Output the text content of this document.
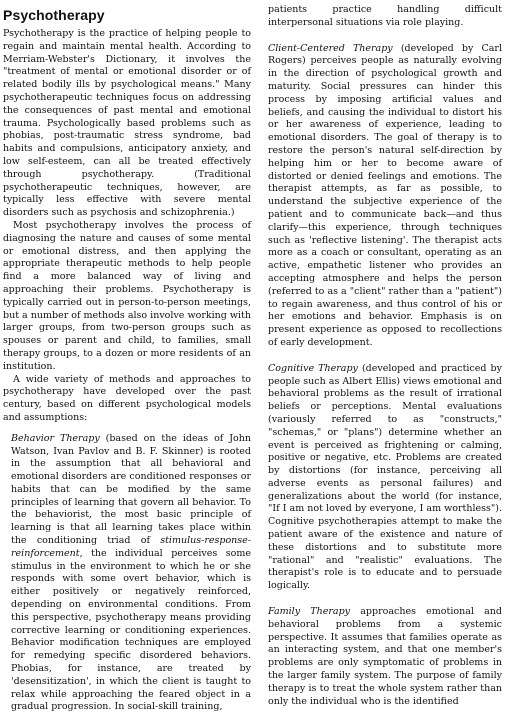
Psychotherapy

Psychotherapy is the practice of helping people to regain and maintain mental health. According to Merriam-Webster's Dictionary, it involves the "treatment of mental or emotional disorder or of related bodily ills by psychological means." Many psychotherapeutic techniques focus on addressing the consequences of past mental and emotional trauma. Psychologically based problems such as phobias, post-traumatic stress syndrome, bad habits and compulsions, anticipatory anxiety, and low self-esteem, can all be treated effectively through psychotherapy. (Traditional psychotherapeutic techniques, however, are typically less effective with severe mental disorders such as psychosis and schizophrenia.)

Most psychotherapy involves the process of diagnosing the nature and causes of some mental or emotional distress, and then applying the appropriate therapeutic methods to help people find a more balanced way of living and approaching their problems. Psychotherapy is typically carried out in person-to-person meetings, but a number of methods also involve working with larger groups, from two-person groups such as spouses or parent and child, to families, small therapy groups, to a dozen or more residents of an institution.

A wide variety of methods and approaches to psychotherapy have developed over the past century, based on different psychological models and assumptions:

Behavior Therapy (based on the ideas of John Watson, Ivan Pavlov and B. F. Skinner) is rooted in the assumption that all behavioral and emotional disorders are conditioned responses or habits that can be modified by the same principles of learning that govern all behavior. To the behaviorist, the most basic principle of learning is that all learning takes place within the conditioning triad of stimulus-response-reinforcement, the individual perceives some stimulus in the environment to which he or she responds with some overt behavior, which is either positively or negatively reinforced, depending on environmental conditions. From this perspective, psychotherapy means providing corrective learning or conditioning experiences. Behavior modification techniques are employed for remedying specific disordered behaviors. Phobias, for instance, are treated by 'desensitization', in which the client is taught to relax while approaching the feared object in a gradual progression. In social-skill training,

patients practice handling difficult interpersonal situations via role playing.

Client-Centered Therapy (developed by Carl Rogers) perceives people as naturally evolving in the direction of psychological growth and maturity. Social pressures can hinder this process by imposing artificial values and beliefs, and causing the individual to distort his or her awareness of experience, leading to emotional disorders. The goal of therapy is to restore the person's natural self-direction by helping him or her to become aware of distorted or denied feelings and emotions. The therapist attempts, as far as possible, to understand the subjective experience of the patient and to communicate back—and thus clarify—this experience, through techniques such as 'reflective listening'. The therapist acts more as a coach or consultant, operating as an active, empathetic listener who provides an accepting atmosphere and helps the person (referred to as a "client" rather than a "patient") to regain awareness, and thus control of his or her emotions and behavior. Emphasis is on present experience as opposed to recollections of early development.

Cognitive Therapy (developed and practiced by people such as Albert Ellis) views emotional and behavioral problems as the result of irrational beliefs or perceptions. Mental evaluations (variously referred to as "constructs," "schemas," or "plans") determine whether an event is perceived as frightening or calming, positive or negative, etc. Problems are created by distortions (for instance, perceiving all adverse events as personal failures) and generalizations about the world (for instance, "If I am not loved by everyone, I am worthless"). Cognitive psychotherapies attempt to make the patient aware of the existence and nature of these distortions and to substitute more "rational" and "realistic" evaluations. The therapist's role is to educate and to persuade logically.

Family Therapy approaches emotional and behavioral problems from a systemic perspective. It assumes that families operate as an interacting system, and that one member's problems are only symptomatic of problems in the larger family system. The purpose of family therapy is to treat the whole system rather than only the individual who is the identified
